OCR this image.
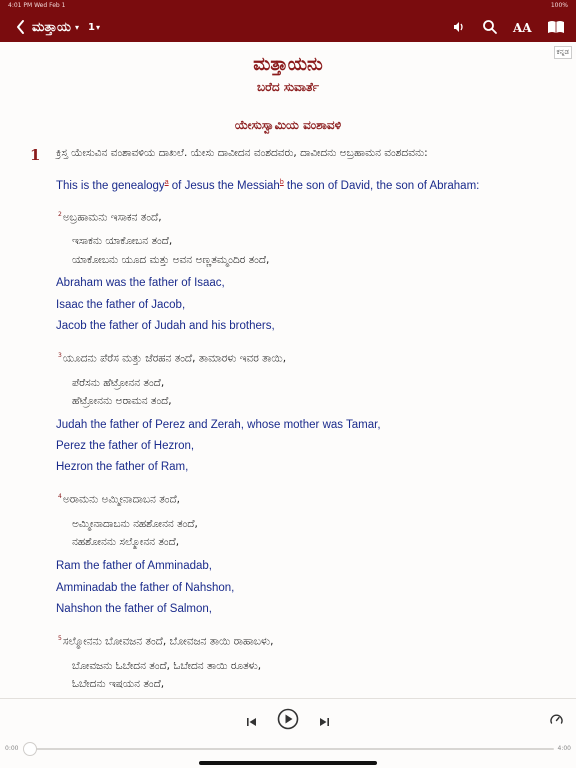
4:01 PM Wed Feb 1	100%
ಮತ್ತಾಯ ▾ 1 ▾	AA
ಕನ್ನಡ
ಮತ್ತಾಯನು
ಬರೆದ ಸುವಾರ್ತೆ
ಯೇಸುಸ್ವಾಮಿಯ ವಂಶಾವಳಿ
1 ಕ್ರಿಸ್ತ ಯೇಸುವಿನ ವಂಶಾವಳಿಯ ದಾಖಲೆ. ಯೇಸು ದಾವೀದನ ವಂಶದವರು, ದಾವೀದನು ಅಬ್ರಹಾಮನ ವಂಶದವನು:
This is the genealogy$^a$ of Jesus the Messiah$^b$ the son of David, the son of Abraham:
$^2$ಅಬ್ರಹಾಮನು ಇಸಾಕನ ತಂದೆ,
ಇಸಾಕನು ಯಾಕೋಬನ ತಂದೆ,
ಯಾಕೋಬನು ಯೂದ ಮತ್ತು ಅವನ ಅಣ್ಣತಮ್ಮಂದಿರ ತಂದೆ,
Abraham was the father of Isaac,
Isaac the father of Jacob,
Jacob the father of Judah and his brothers,
$^3$ಯೂದನು ಪೆರೆಸ ಮತ್ತು ಜೆರಹನ ತಂದೆ, ತಾಮಾರಳು ಇವರ ತಾಯಿ,
ಪೆರೆಸನು ಹೆಟ್ರೋನನ ತಂದೆ,
ಹೆಟ್ರೋನನು ಅರಾಮನ ತಂದೆ,
Judah the father of Perez and Zerah, whose mother was Tamar,
Perez the father of Hezron,
Hezron the father of Ram,
$^4$ಅರಾಮನು ಅಮ್ಮೀನಾದಾಬನ ತಂದೆ,
ಅಮ್ಮೀನಾದಾಬನು ನಹಶೋನನ ತಂದೆ,
ನಹಶೋನನು ಸಲ್ಮೋನನ ತಂದೆ,
Ram the father of Amminadab,
Amminadab the father of Nahshon,
Nahshon the father of Salmon,
$^5$ಸಲ್ಮೋನನು ಬೋವಜನ ತಂದೆ, ಬೋವಜನ ತಾಯಿ ರಾಹಾಬಳು,
ಬೋವಜನು ಓಬೇದನ ತಂದೆ, ಓಬೇದನ ತಾಯಿ ರೂತಳು,
ಓಬೇದನು ಇಷಯನ ತಂದೆ,
0:00	4:00
